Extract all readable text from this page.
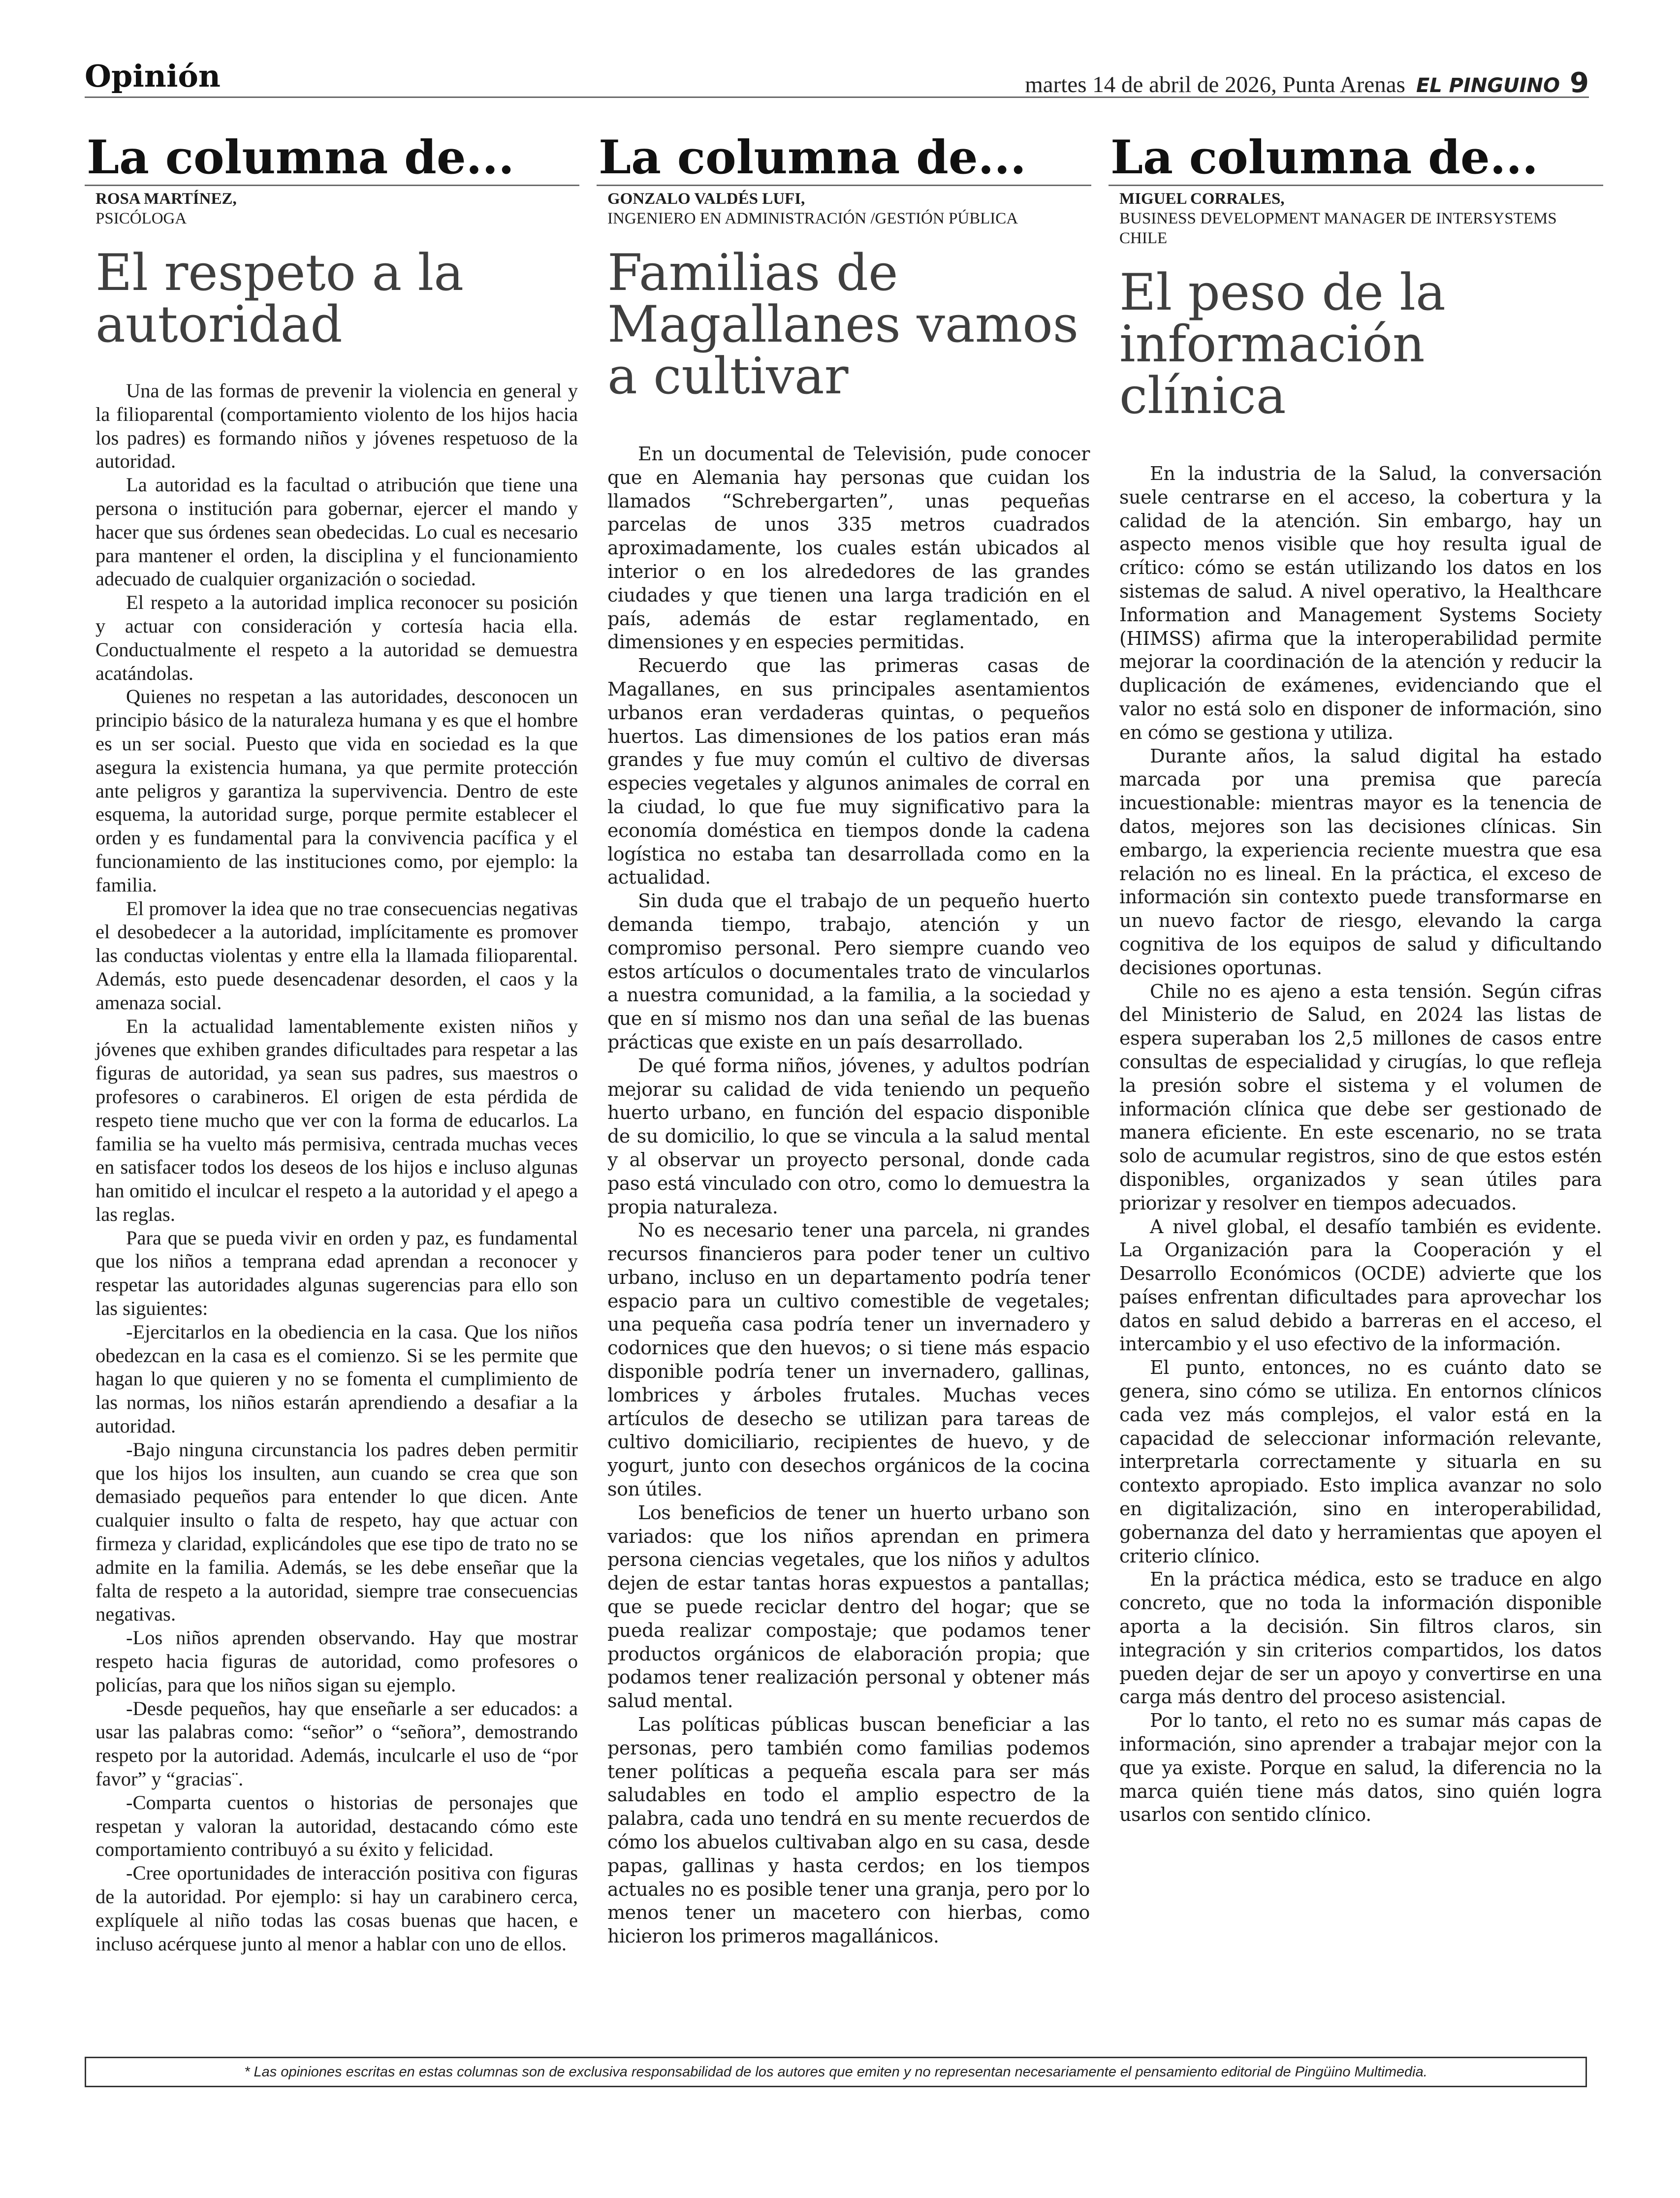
Opinión	martes 14 de abril de 2026, Punta Arenas EL PINGUINO 9
La columna de...
ROSA MARTÍNEZ,
PSICÓLOGA
El respeto a la autoridad

Una de las formas de prevenir la violencia en general y la filioparental (comportamiento violento de los hijos hacia los padres) es formando niños y jóvenes respetuoso de la autoridad.

La autoridad es la facultad o atribución que tiene una persona o institución para gobernar, ejercer el mando y hacer que sus órdenes sean obedecidas. Lo cual es necesario para mantener el orden, la disciplina y el funcionamiento adecuado de cualquier organización o sociedad.

El respeto a la autoridad implica reconocer su posición y actuar con consideración y cortesía hacia ella. Conductualmente el respeto a la autoridad se demuestra acatándolas.

Quienes no respetan a las autoridades, desconocen un principio básico de la naturaleza humana y es que el hombre es un ser social. Puesto que vida en sociedad es la que asegura la existencia humana, ya que permite protección ante peligros y garantiza la supervivencia. Dentro de este esquema, la autoridad surge, porque permite establecer el orden y es fundamental para la convivencia pacífica y el funcionamiento de las instituciones como, por ejemplo: la familia.

El promover la idea que no trae consecuencias negativas el desobedecer a la autoridad, implícitamente es promover las conductas violentas y entre ella la llamada filioparental. Además, esto puede desencadenar desorden, el caos y la amenaza social.

En la actualidad lamentablemente existen niños y jóvenes que exhiben grandes dificultades para respetar a las figuras de autoridad, ya sean sus padres, sus maestros o profesores o carabineros. El origen de esta pérdida de respeto tiene mucho que ver con la forma de educarlos. La familia se ha vuelto más permisiva, centrada muchas veces en satisfacer todos los deseos de los hijos e incluso algunas han omitido el inculcar el respeto a la autoridad y el apego a las reglas.

Para que se pueda vivir en orden y paz, es fundamental que los niños a temprana edad aprendan a reconocer y respetar las autoridades algunas sugerencias para ello son las siguientes:

-Ejercitarlos en la obediencia en la casa. Que los niños obedezcan en la casa es el comienzo. Si se les permite que hagan lo que quieren y no se fomenta el cumplimiento de las normas, los niños estarán aprendiendo a desafiar a la autoridad.

-Bajo ninguna circunstancia los padres deben permitir que los hijos los insulten, aun cuando se crea que son demasiado pequeños para entender lo que dicen. Ante cualquier insulto o falta de respeto, hay que actuar con firmeza y claridad, explicándoles que ese tipo de trato no se admite en la familia. Además, se les debe enseñar que la falta de respeto a la autoridad, siempre trae consecuencias negativas.

-Los niños aprenden observando. Hay que mostrar respeto hacia figuras de autoridad, como profesores o policías, para que los niños sigan su ejemplo.

-Desde pequeños, hay que enseñarle a ser educados: a usar las palabras como: “señor” o “señora”, demostrando respeto por la autoridad. Además, inculcarle el uso de “por favor” y “gracias¨.

-Comparta cuentos o historias de personajes que respetan y valoran la autoridad, destacando cómo este comportamiento contribuyó a su éxito y felicidad.

-Cree oportunidades de interacción positiva con figuras de la autoridad. Por ejemplo: si hay un carabinero cerca, explíquele al niño todas las cosas buenas que hacen, e incluso acérquese junto al menor a hablar con uno de ellos.

La columna de...
GONZALO VALDÉS LUFI,
INGENIERO EN ADMINISTRACIÓN /GESTIÓN PÚBLICA
Familias de Magallanes vamos a cultivar

En un documental de Televisión, pude conocer que en Alemania hay personas que cuidan los llamados “Schrebergarten”, unas pequeñas parcelas de unos 335 metros cuadrados aproximadamente, los cuales están ubicados al interior o en los alrededores de las grandes ciudades y que tienen una larga tradición en el país, además de estar reglamentado, en dimensiones y en especies permitidas.

Recuerdo que las primeras casas de Magallanes, en sus principales asentamientos urbanos eran verdaderas quintas, o pequeños huertos. Las dimensiones de los patios eran más grandes y fue muy común el cultivo de diversas especies vegetales y algunos animales de corral en la ciudad, lo que fue muy significativo para la economía doméstica en tiempos donde la cadena logística no estaba tan desarrollada como en la actualidad.

Sin duda que el trabajo de un pequeño huerto demanda tiempo, trabajo, atención y un compromiso personal. Pero siempre cuando veo estos artículos o documentales trato de vincularlos a nuestra comunidad, a la familia, a la sociedad y que en sí mismo nos dan una señal de las buenas prácticas que existe en un país desarrollado.

De qué forma niños, jóvenes, y adultos podrían mejorar su calidad de vida teniendo un pequeño huerto urbano, en función del espacio disponible de su domicilio, lo que se vincula a la salud mental y al observar un proyecto personal, donde cada paso está vinculado con otro, como lo demuestra la propia naturaleza.

No es necesario tener una parcela, ni grandes recursos financieros para poder tener un cultivo urbano, incluso en un departamento podría tener espacio para un cultivo comestible de vegetales; una pequeña casa podría tener un invernadero y codornices que den huevos; o si tiene más espacio disponible podría tener un invernadero, gallinas, lombrices y árboles frutales. Muchas veces artículos de desecho se utilizan para tareas de cultivo domiciliario, recipientes de huevo, y de yogurt, junto con desechos orgánicos de la cocina son útiles.

Los beneficios de tener un huerto urbano son variados: que los niños aprendan en primera persona ciencias vegetales, que los niños y adultos dejen de estar tantas horas expuestos a pantallas; que se puede reciclar dentro del hogar; que se pueda realizar compostaje; que podamos tener productos orgánicos de elaboración propia; que podamos tener realización personal y obtener más salud mental.

Las políticas públicas buscan beneficiar a las personas, pero también como familias podemos tener políticas a pequeña escala para ser más saludables en todo el amplio espectro de la palabra, cada uno tendrá en su mente recuerdos de cómo los abuelos cultivaban algo en su casa, desde papas, gallinas y hasta cerdos; en los tiempos actuales no es posible tener una granja, pero por lo menos tener un macetero con hierbas, como hicieron los primeros magallánicos.

La columna de...
MIGUEL CORRALES,
BUSINESS DEVELOPMENT MANAGER DE INTERSYSTEMS CHILE
El peso de la información clínica

En la industria de la Salud, la conversación suele centrarse en el acceso, la cobertura y la calidad de la atención. Sin embargo, hay un aspecto menos visible que hoy resulta igual de crítico: cómo se están utilizando los datos en los sistemas de salud. A nivel operativo, la Healthcare Information and Management Systems Society (HIMSS) afirma que la interoperabilidad permite mejorar la coordinación de la atención y reducir la duplicación de exámenes, evidenciando que el valor no está solo en disponer de información, sino en cómo se gestiona y utiliza.

Durante años, la salud digital ha estado marcada por una premisa que parecía incuestionable: mientras mayor es la tenencia de datos, mejores son las decisiones clínicas. Sin embargo, la experiencia reciente muestra que esa relación no es lineal. En la práctica, el exceso de información sin contexto puede transformarse en un nuevo factor de riesgo, elevando la carga cognitiva de los equipos de salud y dificultando decisiones oportunas.

Chile no es ajeno a esta tensión. Según cifras del Ministerio de Salud, en 2024 las listas de espera superaban los 2,5 millones de casos entre consultas de especialidad y cirugías, lo que refleja la presión sobre el sistema y el volumen de información clínica que debe ser gestionado de manera eficiente. En este escenario, no se trata solo de acumular registros, sino de que estos estén disponibles, organizados y sean útiles para priorizar y resolver en tiempos adecuados.

A nivel global, el desafío también es evidente. La Organización para la Cooperación y el Desarrollo Económicos (OCDE) advierte que los países enfrentan dificultades para aprovechar los datos en salud debido a barreras en el acceso, el intercambio y el uso efectivo de la información.

El punto, entonces, no es cuánto dato se genera, sino cómo se utiliza. En entornos clínicos cada vez más complejos, el valor está en la capacidad de seleccionar información relevante, interpretarla correctamente y situarla en su contexto apropiado. Esto implica avanzar no solo en digitalización, sino en interoperabilidad, gobernanza del dato y herramientas que apoyen el criterio clínico.

En la práctica médica, esto se traduce en algo concreto, que no toda la información disponible aporta a la decisión. Sin filtros claros, sin integración y sin criterios compartidos, los datos pueden dejar de ser un apoyo y convertirse en una carga más dentro del proceso asistencial.

Por lo tanto, el reto no es sumar más capas de información, sino aprender a trabajar mejor con la que ya existe. Porque en salud, la diferencia no la marca quién tiene más datos, sino quién logra usarlos con sentido clínico.

* Las opiniones escritas en estas columnas son de exclusiva responsabilidad de los autores que emiten y no representan necesariamente el pensamiento editorial de Pingüino Multimedia.
